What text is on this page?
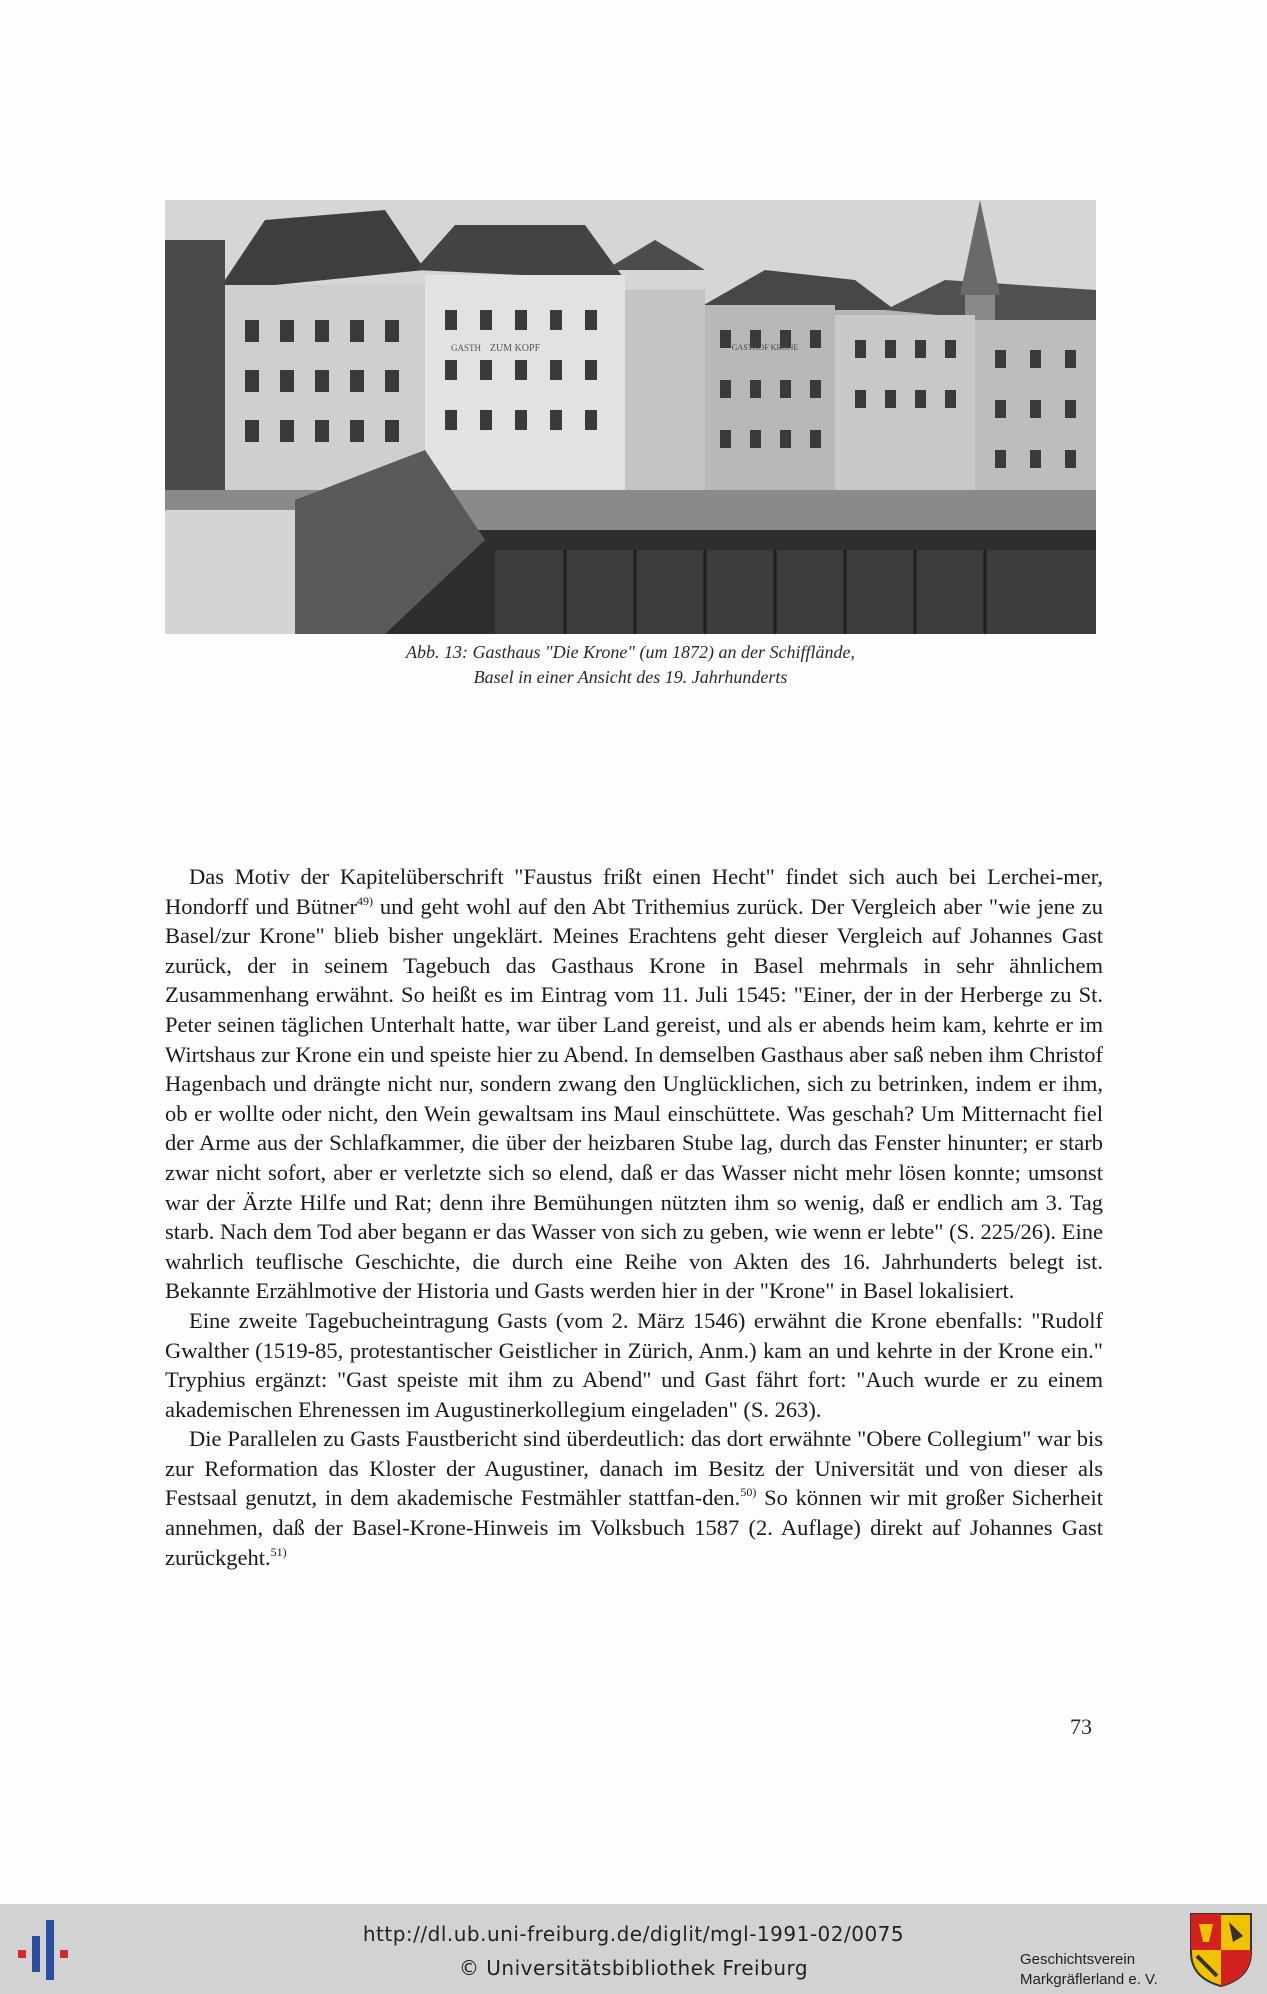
ZUM KOPF
GASTH	GASTHOF KRONE
Abb. 13: Gasthaus "Die Krone" (um 1872) an der Schifflände,
Basel in einer Ansicht des 19. Jahrhunderts

Das Motiv der Kapitelüberschrift "Faustus frißt einen Hecht" findet sich auch bei Lerchei-mer, Hondorff und Bütner$^{49)}$ und geht wohl auf den Abt Trithemius zurück. Der Vergleich aber "wie jene zu Basel/zur Krone" blieb bisher ungeklärt. Meines Erachtens geht dieser Vergleich auf Johannes Gast zurück, der in seinem Tagebuch das Gasthaus Krone in Basel mehrmals in sehr ähnlichem Zusammenhang erwähnt. So heißt es im Eintrag vom 11. Juli 1545: "Einer, der in der Herberge zu St. Peter seinen täglichen Unterhalt hatte, war über Land gereist, und als er abends heim kam, kehrte er im Wirtshaus zur Krone ein und speiste hier zu Abend. In demselben Gasthaus aber saß neben ihm Christof Hagenbach und drängte nicht nur, sondern zwang den Unglücklichen, sich zu betrinken, indem er ihm, ob er wollte oder nicht, den Wein gewaltsam ins Maul einschüttete. Was geschah? Um Mitternacht fiel der Arme aus der Schlafkammer, die über der heizbaren Stube lag, durch das Fenster hinunter; er starb zwar nicht sofort, aber er verletzte sich so elend, daß er das Wasser nicht mehr lösen konnte; umsonst war der Ärzte Hilfe und Rat; denn ihre Bemühungen nützten ihm so wenig, daß er endlich am 3. Tag starb. Nach dem Tod aber begann er das Wasser von sich zu geben, wie wenn er lebte" (S. 225/26). Eine wahrlich teuflische Geschichte, die durch eine Reihe von Akten des 16. Jahrhunderts belegt ist. Bekannte Erzählmotive der Historia und Gasts werden hier in der "Krone" in Basel lokalisiert.

Eine zweite Tagebucheintragung Gasts (vom 2. März 1546) erwähnt die Krone ebenfalls: "Rudolf Gwalther (1519-85, protestantischer Geistlicher in Zürich, Anm.) kam an und kehrte in der Krone ein." Tryphius ergänzt: "Gast speiste mit ihm zu Abend" und Gast fährt fort: "Auch wurde er zu einem akademischen Ehrenessen im Augustinerkollegium eingeladen" (S. 263).

Die Parallelen zu Gasts Faustbericht sind überdeutlich: das dort erwähnte "Obere Collegium" war bis zur Reformation das Kloster der Augustiner, danach im Besitz der Universität und von dieser als Festsaal genutzt, in dem akademische Festmähler stattfan-den.$^{50)}$ So können wir mit großer Sicherheit annehmen, daß der Basel-Krone-Hinweis im Volksbuch 1587 (2. Auflage) direkt auf Johannes Gast zurückgeht.$^{51)}$

73
http://dl.ub.uni-freiburg.de/diglit/mgl-1991-02/0075
© Universitätsbibliothek Freiburg	Geschichtsverein
Markgräflerland e. V.
